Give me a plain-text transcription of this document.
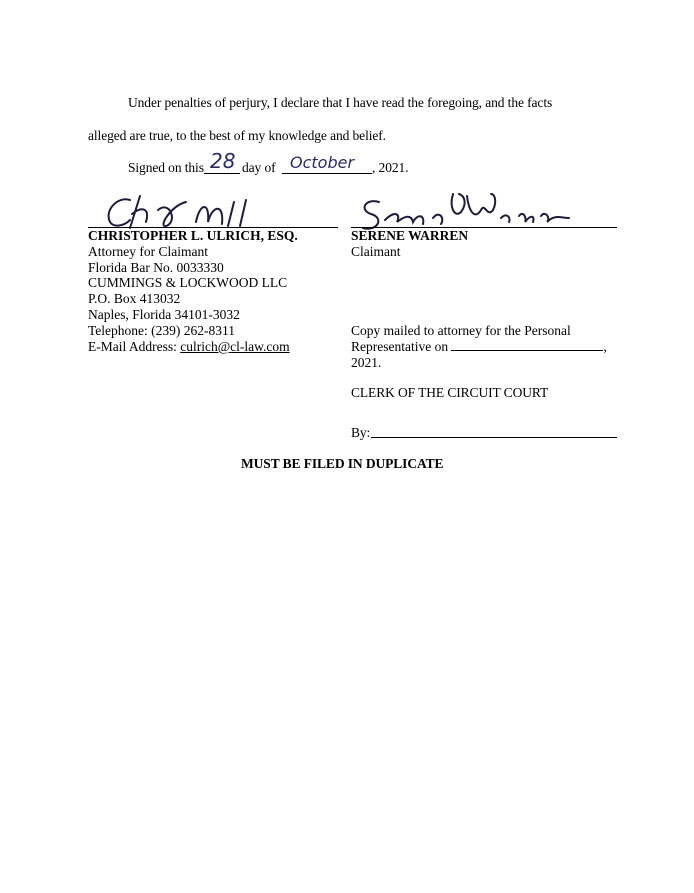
Under penalties of perjury, I declare that I have read the foregoing, and the facts
alleged are true, to the best of my knowledge and belief.
Signed on this 28 day of October , 2021.
CHRISTOPHER L. ULRICH, ESQ.
Attorney for Claimant
Florida Bar No. 0033330
CUMMINGS & LOCKWOOD LLC
P.O. Box 413032
Naples, Florida 34101-3032
Telephone: (239) 262-8311
E-Mail Address: culrich@cl-law.com
SERENE WARREN
Claimant
Copy mailed to attorney for the Personal
Representative on	,
2021.
CLERK OF THE CIRCUIT COURT
By:
MUST BE FILED IN DUPLICATE
